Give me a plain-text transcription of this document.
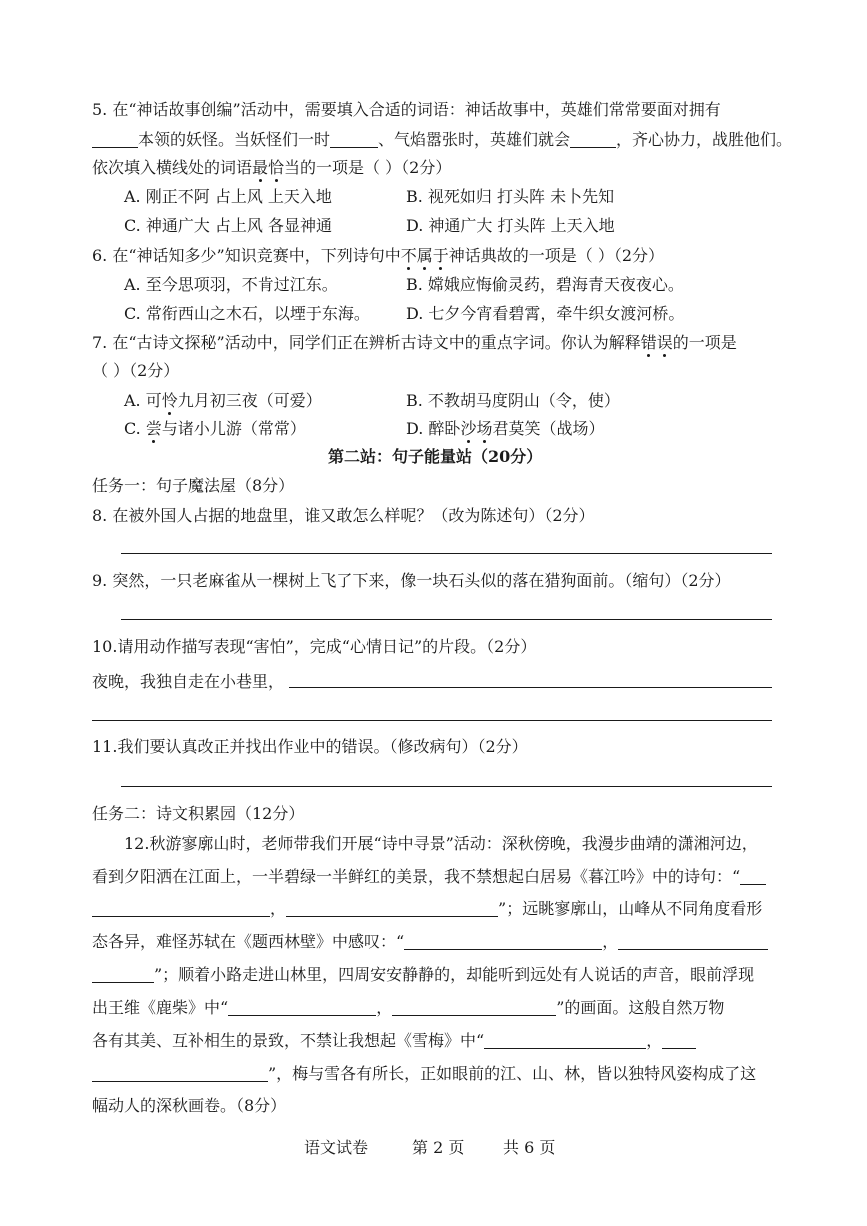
5. 在“神话故事创编”活动中，需要填入合适的词语：神话故事中，英雄们常常要面对拥有
本领的妖怪。当妖怪们一时	、气焰嚣张时，英雄们就会	，齐心协力，战胜他们。
依次填入横线处的词语最恰当的一项是（ ）（2分）
A. 刚正不阿 占上风 上天入地	B. 视死如归 打头阵 未卜先知
C. 神通广大 占上风 各显神通	D. 神通广大 打头阵 上天入地
6. 在“神话知多少”知识竞赛中，下列诗句中不属于神话典故的一项是（ ）（2分）
A. 至今思项羽，不肯过江东。	B. 嫦娥应悔偷灵药，碧海青天夜夜心。
C. 常衔西山之木石，以堙于东海。 D. 七夕今宵看碧霄，牵牛织女渡河桥。
7. 在“古诗文探秘”活动中，同学们正在辨析古诗文中的重点字词。你认为解释错误的一项是
（ ）（2分）
A. 可怜九月初三夜（可爱）	B. 不教胡马度阴山（令，使）
C. 尝与诸小儿游（常常）	D. 醉卧沙场君莫笑（战场）
第二站：句子能量站（20分）
任务一：句子魔法屋（8分）
8. 在被外国人占据的地盘里，谁又敢怎么样呢？（改为陈述句）（2分）
9. 突然，一只老麻雀从一棵树上飞了下来，像一块石头似的落在猎狗面前。（缩句）（2分）
10.请用动作描写表现“害怕”，完成“心情日记”的片段。（2分）
夜晚，我独自走在小巷里，
11.我们要认真改正并找出作业中的错误。（修改病句）（2分）
任务二：诗文积累园（12分）
12.秋游寥廓山时，老师带我们开展“诗中寻景”活动：深秋傍晚，我漫步曲靖的潇湘河边，
看到夕阳洒在江面上，一半碧绿一半鲜红的美景，我不禁想起白居易《暮江吟》中的诗句：“
，	”；远眺寥廓山，山峰从不同角度看形
态各异，难怪苏轼在《题西林壁》中感叹：“	，
”；顺着小路走进山林里，四周安安静静的，却能听到远处有人说话的声音，眼前浮现
出王维《鹿柴》中“	，	”的画面。这般自然万物
各有其美、互补相生的景致，不禁让我想起《雪梅》中“	，
”，梅与雪各有所长，正如眼前的江、山、林，皆以独特风姿构成了这
幅动人的深秋画卷。（8分）
语文试卷	第 2 页 共 6 页
